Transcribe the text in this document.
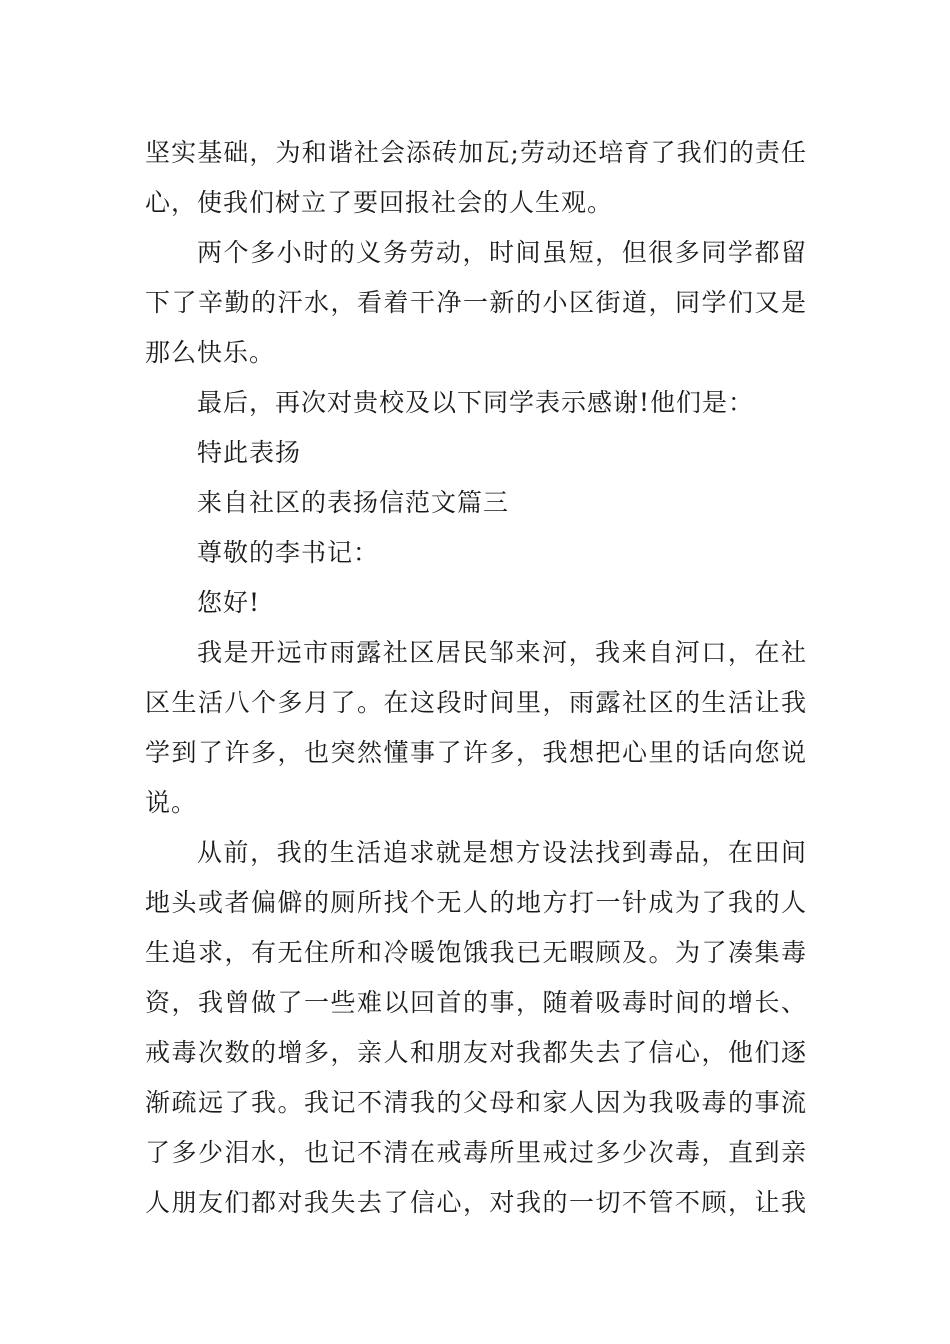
坚实基础，为和谐社会添砖加瓦;劳动还培育了我们的责任
心，使我们树立了要回报社会的人生观。
两个多小时的义务劳动，时间虽短，但很多同学都留
下了辛勤的汗水，看着干净一新的小区街道，同学们又是
那么快乐。
最后，再次对贵校及以下同学表示感谢!他们是：
特此表扬
来自社区的表扬信范文篇三
尊敬的李书记：
您好!
我是开远市雨露社区居民邹来河，我来自河口，在社
区生活八个多月了。在这段时间里，雨露社区的生活让我
学到了许多，也突然懂事了许多，我想把心里的话向您说
说。
从前，我的生活追求就是想方设法找到毒品，在田间
地头或者偏僻的厕所找个无人的地方打一针成为了我的人
生追求，有无住所和冷暖饱饿我已无暇顾及。为了凑集毒
资，我曾做了一些难以回首的事，随着吸毒时间的增长、
戒毒次数的增多，亲人和朋友对我都失去了信心，他们逐
渐疏远了我。我记不清我的父母和家人因为我吸毒的事流
了多少泪水，也记不清在戒毒所里戒过多少次毒，直到亲
人朋友们都对我失去了信心，对我的一切不管不顾，让我
